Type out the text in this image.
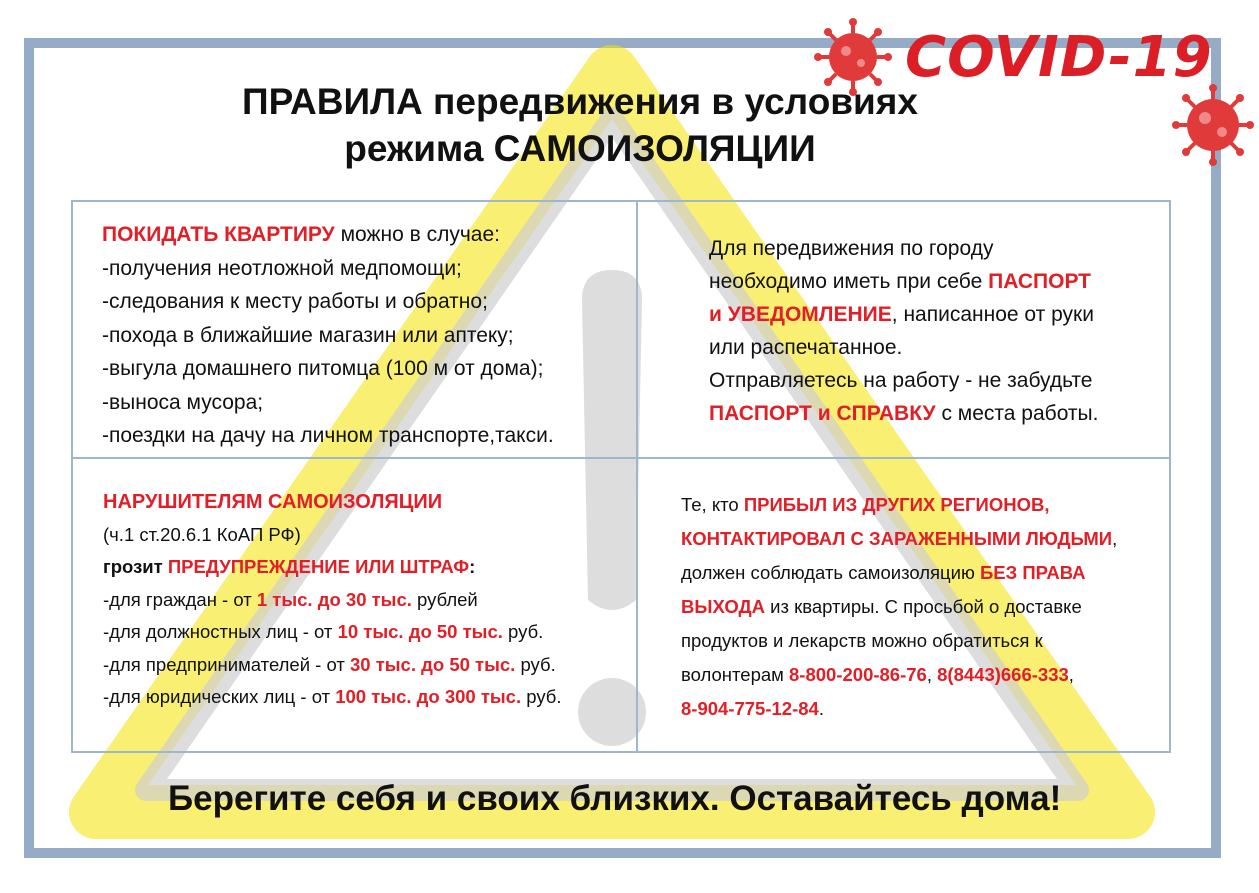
COVID-19
ПРАВИЛА передвижения в условиях
режима САМОИЗОЛЯЦИИ
ПОКИДАТЬ КВАРТИРУ можно в случае:
-получения неотложной медпомощи;
-следования к месту работы и обратно;
-похода в ближайшие магазин или аптеку;
-выгула домашнего питомца (100 м от дома);
-выноса мусора;
-поездки на дачу на личном транспорте,такси.
Для передвижения по городу
необходимо иметь при себе ПАСПОРТ
и УВЕДОМЛЕНИЕ, написанное от руки
или распечатанное.
Отправляетесь на работу - не забудьте
ПАСПОРТ и СПРАВКУ с места работы.
НАРУШИТЕЛЯМ САМОИЗОЛЯЦИИ
(ч.1 ст.20.6.1 КоАП РФ)
грозит ПРЕДУПРЕЖДЕНИЕ ИЛИ ШТРАФ:
-для граждан - от 1 тыс. до 30 тыс. рублей
-для должностных лиц - от 10 тыс. до 50 тыс. руб.
-для предпринимателей - от 30 тыс. до 50 тыс. руб.
-для юридических лиц - от 100 тыс. до 300 тыс. руб.
Те, кто ПРИБЫЛ ИЗ ДРУГИХ РЕГИОНОВ,
КОНТАКТИРОВАЛ С ЗАРАЖЕННЫМИ ЛЮДЬМИ,
должен соблюдать самоизоляцию БЕЗ ПРАВА
ВЫХОДА из квартиры. С просьбой о доставке
продуктов и лекарств можно обратиться к
волонтерам 8-800-200-86-76, 8(8443)666-333,
8-904-775-12-84.
Берегите себя и своих близких. Оставайтесь дома!
